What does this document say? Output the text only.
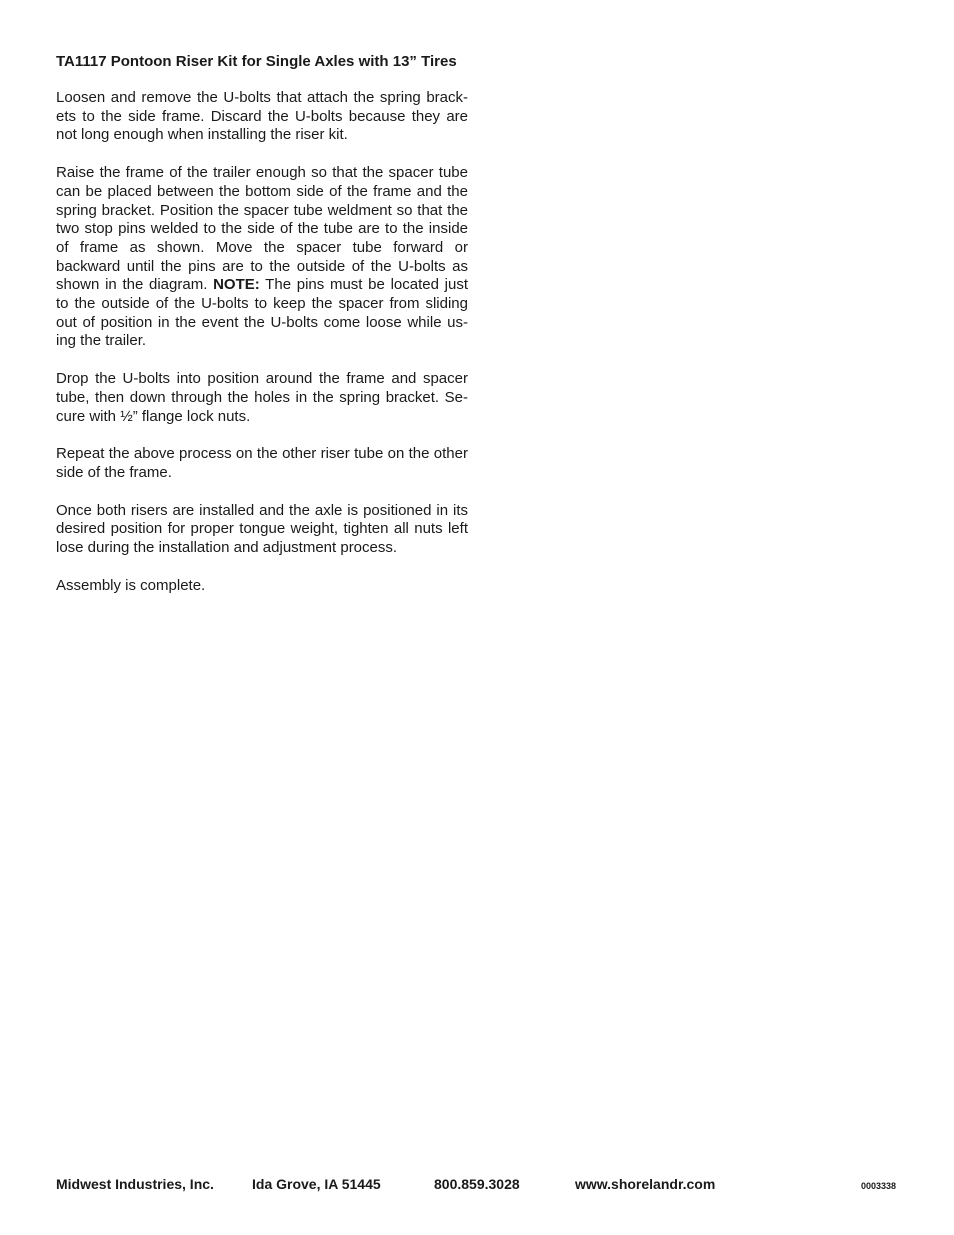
TA1117 Pontoon Riser Kit for Single Axles with 13” Tires

Loosen and remove the U-bolts that attach the spring brack-ets to the side frame. Discard the U-bolts because they are not long enough when installing the riser kit.

Raise the frame of the trailer enough so that the spacer tube can be placed between the bottom side of the frame and the spring bracket. Position the spacer tube weldment so that the two stop pins welded to the side of the tube are to the inside of frame as shown. Move the spacer tube forward or backward until the pins are to the outside of the U-bolts as shown in the diagram. NOTE: The pins must be located just to the outside of the U-bolts to keep the spacer from sliding out of position in the event the U-bolts come loose while us-ing the trailer.

Drop the U-bolts into position around the frame and spacer tube, then down through the holes in the spring bracket. Se-cure with ½” flange lock nuts.

Repeat the above process on the other riser tube on the other side of the frame.

Once both risers are installed and the axle is positioned in its desired position for proper tongue weight, tighten all nuts left lose during the installation and adjustment process.

Assembly is complete.

Midwest Industries, Inc.	Ida Grove, IA 51445	800.859.3028	www.shorelandr.com	0003338
